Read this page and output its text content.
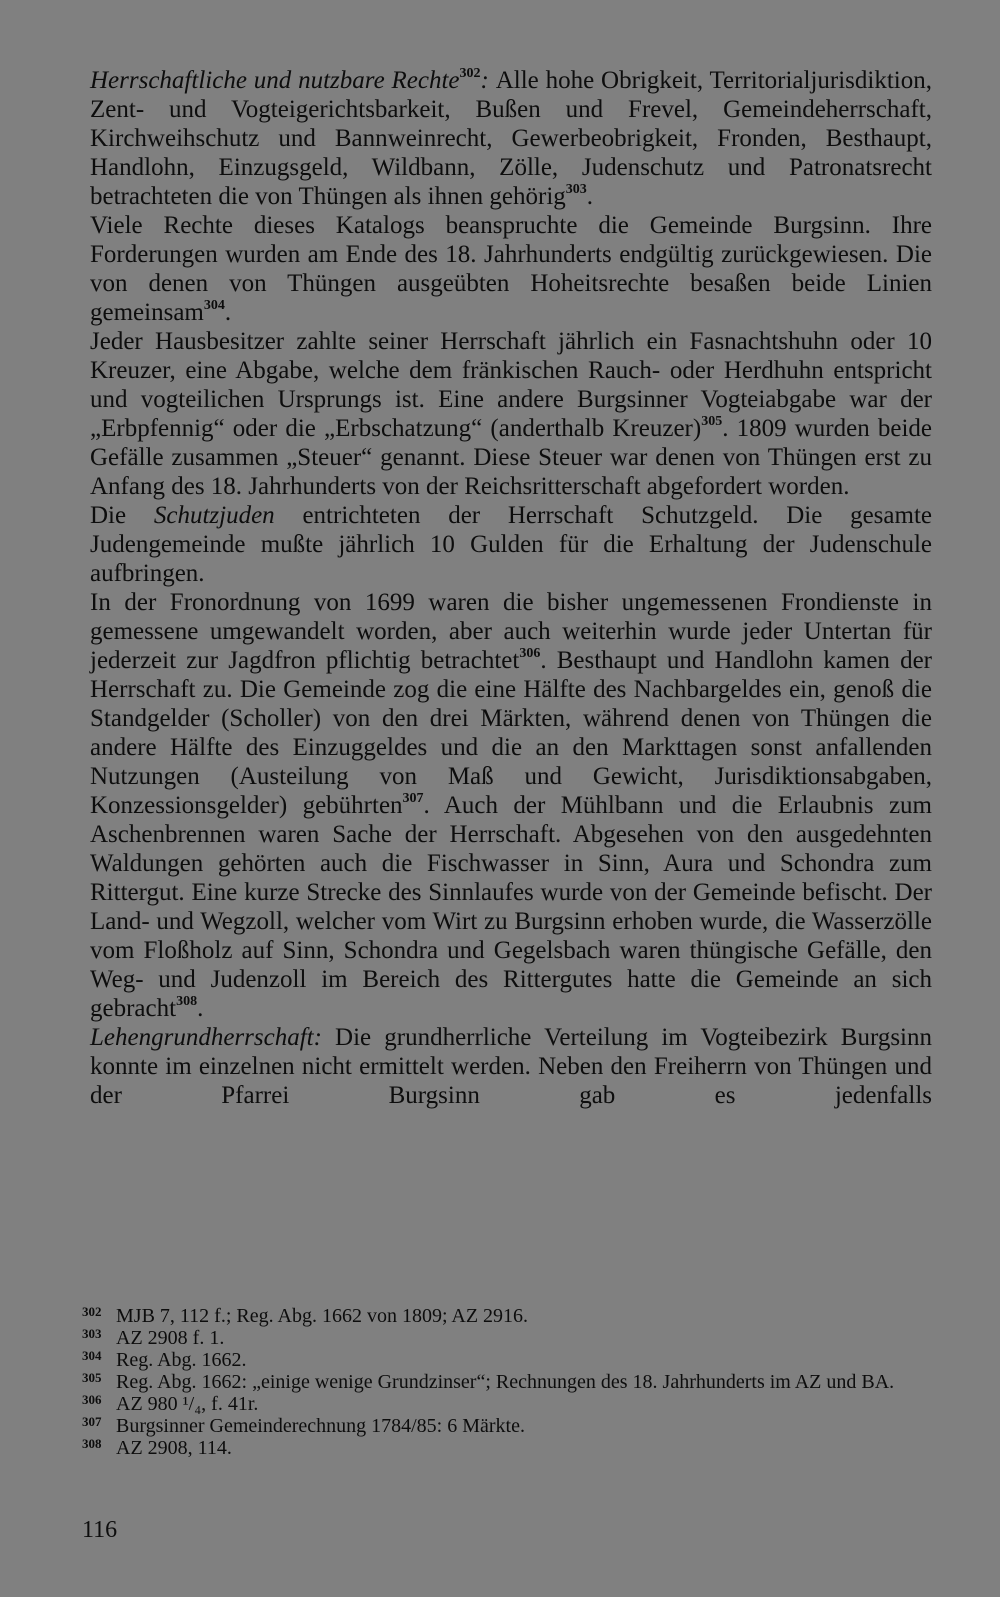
Herrschaftliche und nutzbare Rechte$^{302}$: Alle hohe Obrigkeit, Territorialjurisdiktion, Zent- und Vogteigerichtsbarkeit, Bußen und Frevel, Gemeindeherrschaft, Kirchweihschutz und Bannweinrecht, Gewerbeobrigkeit, Fronden, Besthaupt, Handlohn, Einzugsgeld, Wildbann, Zölle, Judenschutz und Patronatsrecht betrachteten die von Thüngen als ihnen gehörig$^{303}$.

Viele Rechte dieses Katalogs beanspruchte die Gemeinde Burgsinn. Ihre Forderungen wurden am Ende des 18. Jahrhunderts endgültig zurückgewiesen. Die von denen von Thüngen ausgeübten Hoheitsrechte besaßen beide Linien gemeinsam$^{304}$.

Jeder Hausbesitzer zahlte seiner Herrschaft jährlich ein Fasnachtshuhn oder 10 Kreuzer, eine Abgabe, welche dem fränkischen Rauch- oder Herdhuhn entspricht und vogteilichen Ursprungs ist. Eine andere Burgsinner Vogteiabgabe war der „Erbpfennig“ oder die „Erbschatzung“ (anderthalb Kreuzer)$^{305}$. 1809 wurden beide Gefälle zusammen „Steuer“ genannt. Diese Steuer war denen von Thüngen erst zu Anfang des 18. Jahrhunderts von der Reichsritterschaft abgefordert worden.

Die Schutzjuden entrichteten der Herrschaft Schutzgeld. Die gesamte Judengemeinde mußte jährlich 10 Gulden für die Erhaltung der Judenschule aufbringen.

In der Fronordnung von 1699 waren die bisher ungemessenen Frondienste in gemessene umgewandelt worden, aber auch weiterhin wurde jeder Untertan für jederzeit zur Jagdfron pflichtig betrachtet$^{306}$. Besthaupt und Handlohn kamen der Herrschaft zu. Die Gemeinde zog die eine Hälfte des Nachbargeldes ein, genoß die Standgelder (Scholler) von den drei Märkten, während denen von Thüngen die andere Hälfte des Einzuggeldes und die an den Markttagen sonst anfallenden Nutzungen (Austeilung von Maß und Gewicht, Jurisdiktionsabgaben, Konzessionsgelder) gebührten$^{307}$. Auch der Mühlbann und die Erlaubnis zum Aschenbrennen waren Sache der Herrschaft. Abgesehen von den ausgedehnten Waldungen gehörten auch die Fischwasser in Sinn, Aura und Schondra zum Rittergut. Eine kurze Strecke des Sinnlaufes wurde von der Gemeinde befischt. Der Land- und Wegzoll, welcher vom Wirt zu Burgsinn erhoben wurde, die Wasserzölle vom Floßholz auf Sinn, Schondra und Gegelsbach waren thüngische Gefälle, den Weg- und Judenzoll im Bereich des Rittergutes hatte die Gemeinde an sich gebracht$^{308}$.

Lehengrundherrschaft: Die grundherrliche Verteilung im Vogteibezirk Burgsinn konnte im einzelnen nicht ermittelt werden. Neben den Freiherrn von Thüngen und der Pfarrei Burgsinn gab es jedenfalls

302 MJB 7, 112 f.; Reg. Abg. 1662 von 1809; AZ 2916.
303 AZ 2908 f. 1.
304 Reg. Abg. 1662.
305 Reg. Abg. 1662: „einige wenige Grundzinser“; Rechnungen des 18. Jahrhunderts im AZ und BA.
306 AZ 980 ¹/₄, f. 41r.
307 Burgsinner Gemeinderechnung 1784/85: 6 Märkte.
308 AZ 2908, 114.
116
